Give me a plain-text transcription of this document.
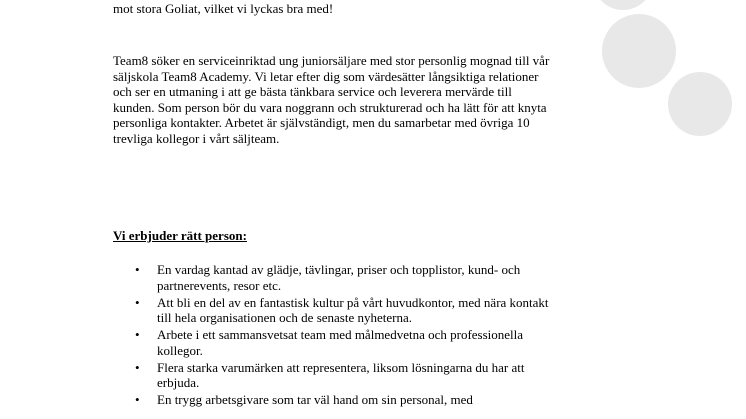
mot stora Goliat, vilket vi lyckas bra med!
Team8 söker en serviceinriktad ung juniorsäljare med stor personlig mognad till vår säljskola Team8 Academy. Vi letar efter dig som värdesätter långsiktiga relationer och ser en utmaning i att ge bästa tänkbara service och leverera mervärde till kunden. Som person bör du vara noggrann och strukturerad och ha lätt för att knyta personliga kontakter. Arbetet är självständigt, men du samarbetar med övriga 10 trevliga kollegor i vårt säljteam.
Vi erbjuder rätt person:
• En vardag kantad av glädje, tävlingar, priser och topplistor, kund- och partnerevents, resor etc.
• Att bli en del av en fantastisk kultur på vårt huvudkontor, med nära kontakt till hela organisationen och de senaste nyheterna.
• Arbete i ett sammansvetsat team med målmedvetna och professionella kollegor.
• Flera starka varumärken att representera, liksom lösningarna du har att erbjuda.
• En trygg arbetsgivare som tar väl hand om sin personal, med
